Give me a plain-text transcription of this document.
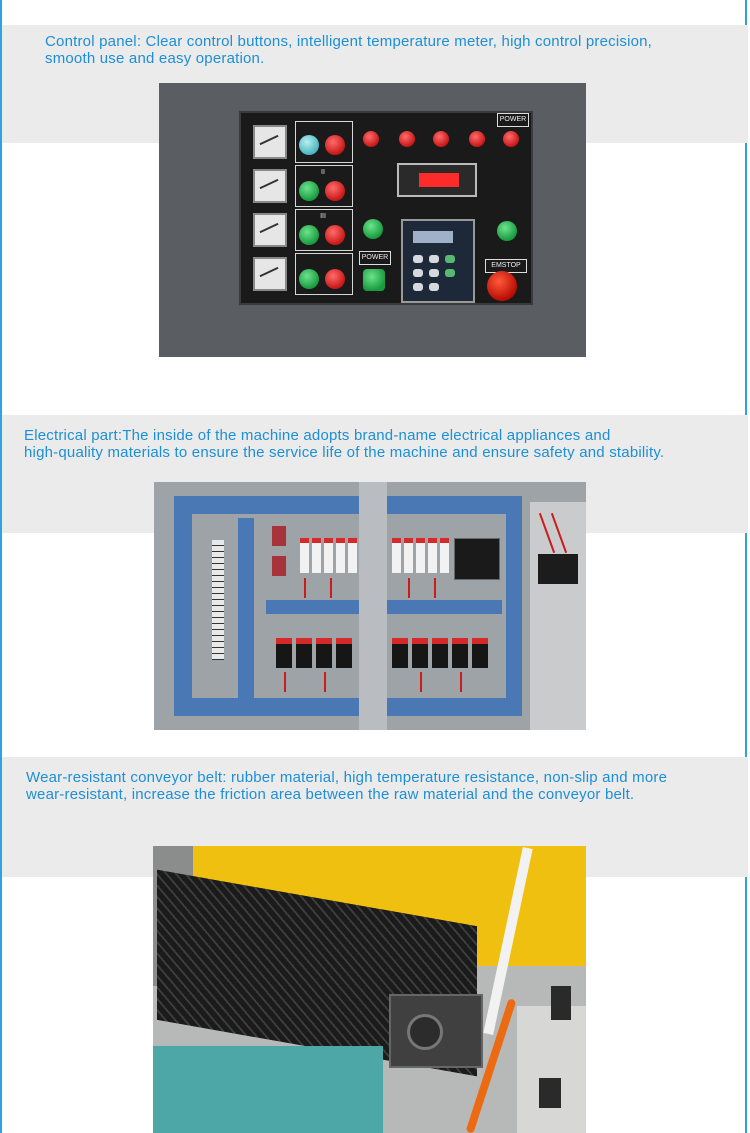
Control panel: Clear control buttons, intelligent temperature meter, high control precision,
smooth use and easy operation.
II
III
POWER
POWER
EMSTOP
Electrical part:The inside of the machine adopts brand-name electrical appliances and
high-quality materials to ensure the service life of the machine and ensure safety and stability.
Wear-resistant conveyor belt: rubber material, high temperature resistance, non-slip and more
wear-resistant, increase the friction area between the raw material and the conveyor belt.
